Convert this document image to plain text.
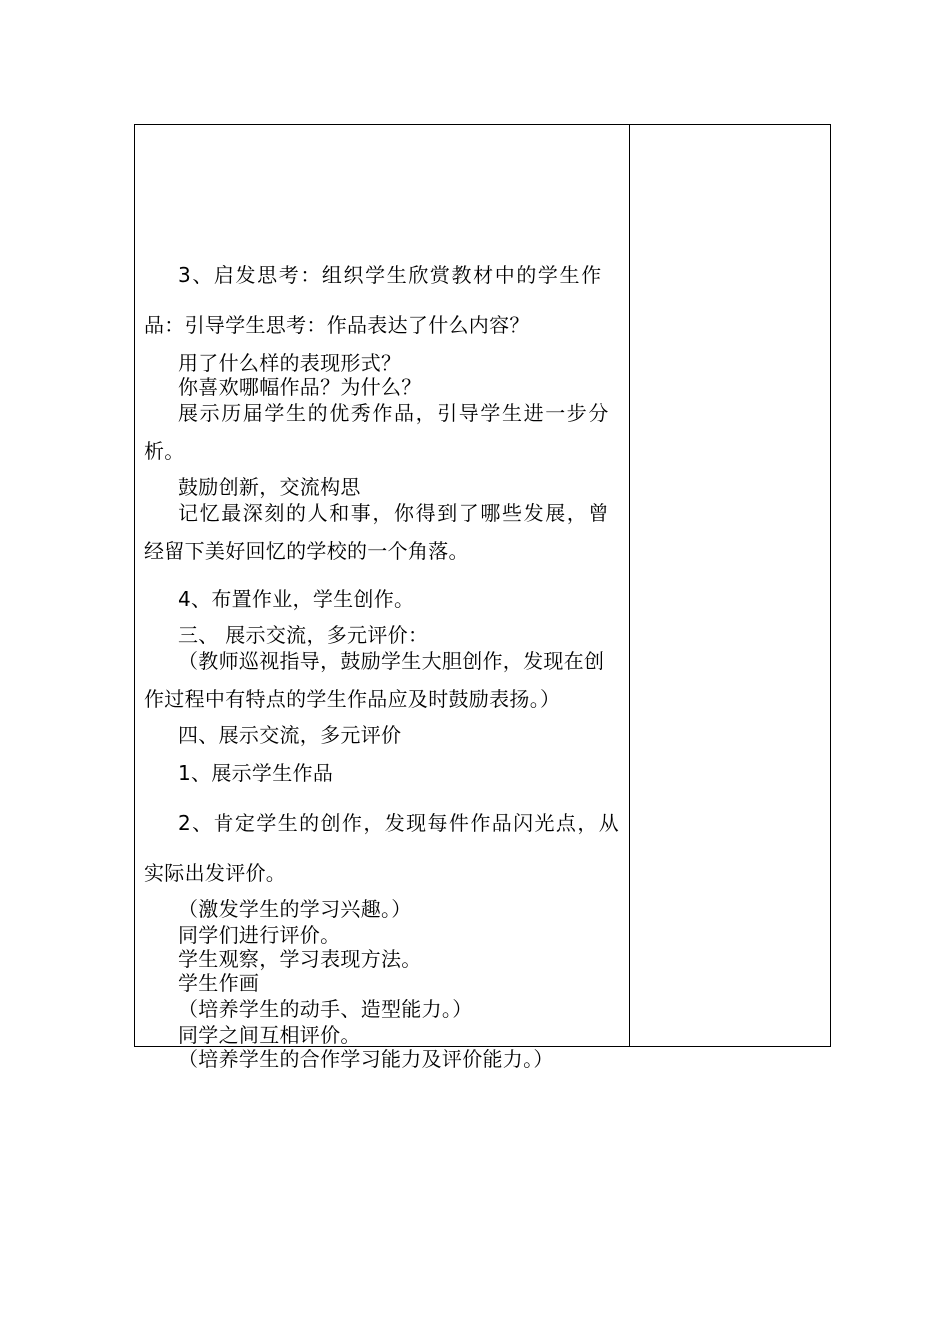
3、启发思考：组织学生欣赏教材中的学生作
品：引导学生思考：作品表达了什么内容？
用了什么样的表现形式？
你喜欢哪幅作品？为什么？
展示历届学生的优秀作品，引导学生进一步分
析。
鼓励创新，交流构思
记忆最深刻的人和事，你得到了哪些发展，曾
经留下美好回忆的学校的一个角落。
4、布置作业，学生创作。
三、 展示交流，多元评价：
（教师巡视指导，鼓励学生大胆创作，发现在创
作过程中有特点的学生作品应及时鼓励表扬。）
四、展示交流，多元评价
1、展示学生作品
2、肯定学生的创作，发现每件作品闪光点，从
实际出发评价。
（激发学生的学习兴趣。）
同学们进行评价。
学生观察，学习表现方法。
学生作画
（培养学生的动手、造型能力。）
同学之间互相评价。
（培养学生的合作学习能力及评价能力。）
